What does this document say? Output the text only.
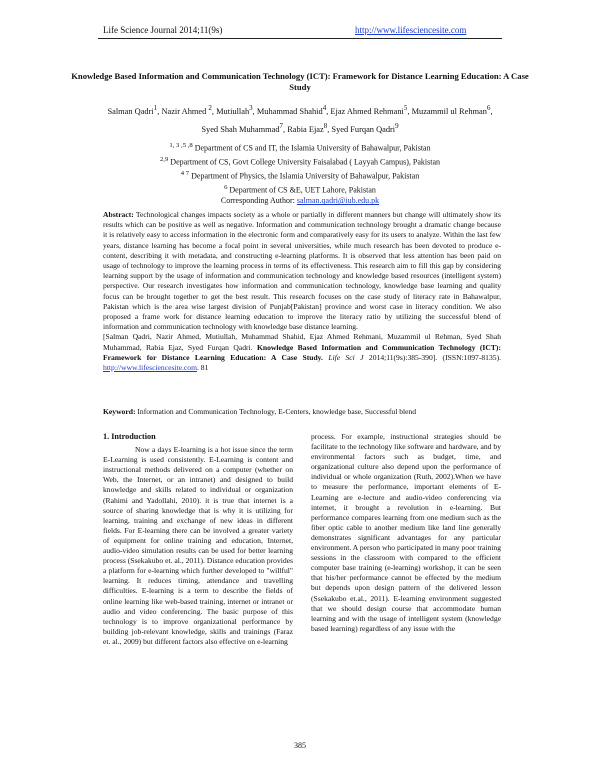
Life Science Journal 2014;11(9s)	http://www.lifesciencesite.com
Knowledge Based Information and Communication Technology (ICT): Framework for Distance Learning Education: A Case Study
Salman Qadri$^1$, Nazir Ahmed $^2$, Mutiullah$^3$, Muhammad Shahid$^4$, Ejaz Ahmed Rehmani$^5$, Muzammil ul Rehman$^6$,
Syed Shah Muhammad$^7$, Rabia Ejaz$^8$, Syed Furqan Qadri$^9$
$^{1, 3 ,5 ,8}$ Department of CS and IT, the Islamia University of Bahawalpur, Pakistan
$^{2,9}$ Department of CS, Govt College University Faisalabad ( Layyah Campus), Pakistan
$^{4 7}$ Department of Physics, the Islamia University of Bahawalpur, Pakistan
$^6$ Department of CS &E, UET Lahore, Pakistan
Corresponding Author: salman.qadri@iub.edu.pk
Abstract: Technological changes impacts society as a whole or partially in different manners but change will ultimately show its results which can be positive as well as negative. Information and communication technology brought a dramatic change because it is relatively easy to access information in the electronic form and comparatively easy for its users to analyze. Within the last few years, distance learning has become a focal point in several universities, while much research has been devoted to produce e-content, describing it with metadata, and constructing e-learning platforms. It is observed that less attention has been paid on usage of technology to improve the learning process in terms of its effectiveness. This research aim to fill this gap by considering learning support by the usage of information and communication technology and knowledge based resources (intelligent system) perspective. Our research investigates how information and communication technology, knowledge base learning and quality focus can be brought together to get the best result. This research focuses on the case study of literacy rate in Bahawalpur, Pakistan which is the area wise largest division of Punjab[Pakistan] province and worst case in literacy condition. We also proposed a frame work for distance learning education to improve the literacy ratio by utilizing the successful blend of information and communication technology with knowledge base distance learning.
[Salman Qadri, Nazir Ahmed, Mutiullah, Muhammad Shahid, Ejaz Ahmed Rehmani, Muzammil ul Rehman, Syed Shah Muhammad, Rabia Ejaz, Syed Furqan Qadri. Knowledge Based Information and Communication Technology (ICT): Framework for Distance Learning Education: A Case Study. Life Sci J 2014;11(9s):385-390]. (ISSN:1097-8135). http://www.lifesciencesite.com. 81
Keyword: Information and Communication Technology, E-Centers, knowledge base, Successful blend
1. Introduction

Now a days E-learning is a hot issue since the term E-Learning is used consistently. E-Learning is content and instructional methods delivered on a computer (whether on Web, the Internet, or an intranet) and designed to build knowledge and skills related to individual or organization (Rahimi and Yadollahi, 2010). it is true that internet is a source of sharing knowledge that is why it is utilizing for learning, training and exchange of new ideas in different fields. For E-learning there can be involved a greater variety of equipment for online training and education, Internet, audio-video simulation results can be used for better learning process (Ssekakubo et. al., 2011). Distance education provides a platform for e-learning which further developed to "willful" learning. It reduces timing, attendance and travelling difficulties. E-learning is a term to describe the fields of online learning like web-based training, internet or intranet or audio and video conferencing. The basic purpose of this technology is to improve organizational performance by building job-relevant knowledge, skills and trainings (Faraz et. al., 2009) but different factors also effective on e-learning

process. For example, instructional strategies should be facilitate to the technology like software and hardware, and by environmental factors such as budget, time, and organizational culture also depend upon the performance of individual or whole organization (Ruth, 2002).When we have to measure the performance, important elements of E-Learning are e-lecture and audio-video conferencing via internet, it brought a revolution in e-learning. But performance compares learning from one medium such as the fiber optic cable to another medium like land line generally demonstrates significant advantages for any particular environment. A person who participated in many poor training sessions in the classroom with compared to the efficient computer base training (e-learning) workshop, it can be seen that his/her performance cannot be effected by the medium but depends upon design pattern of the delivered lesson (Ssekakubo et.al., 2011). E-learning environment suggested that we should design course that accommodate human learning and with the usage of intelligent system (knowledge based learning) regardless of any issue with the

385
